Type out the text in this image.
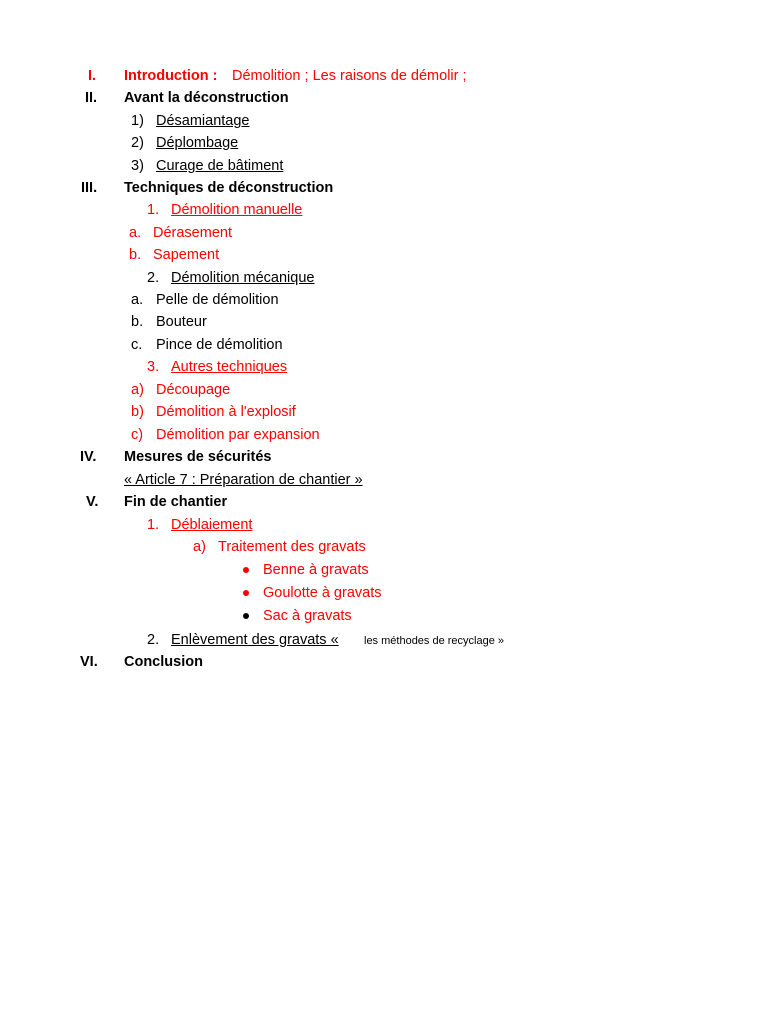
I. Introduction : Démolition ; Les raisons de démolir ;
II. Avant la déconstruction
1) Désamiantage
2) Déplombage
3) Curage de bâtiment
III. Techniques de déconstruction
1. Démolition manuelle
a. Dérasement
b. Sapement
2. Démolition mécanique
a. Pelle de démolition
b. Bouteur
c. Pince de démolition
3. Autres techniques
a) Découpage
b) Démolition à l'explosif
c) Démolition par expansion
IV. Mesures de sécurités
« Article 7 : Préparation de chantier »
V. Fin de chantier
1. Déblaiement
a) Traitement des gravats
Benne à gravats
Goulotte à gravats
Sac à gravats
2. Enlèvement des gravats « les méthodes de recyclage »
VI. Conclusion
